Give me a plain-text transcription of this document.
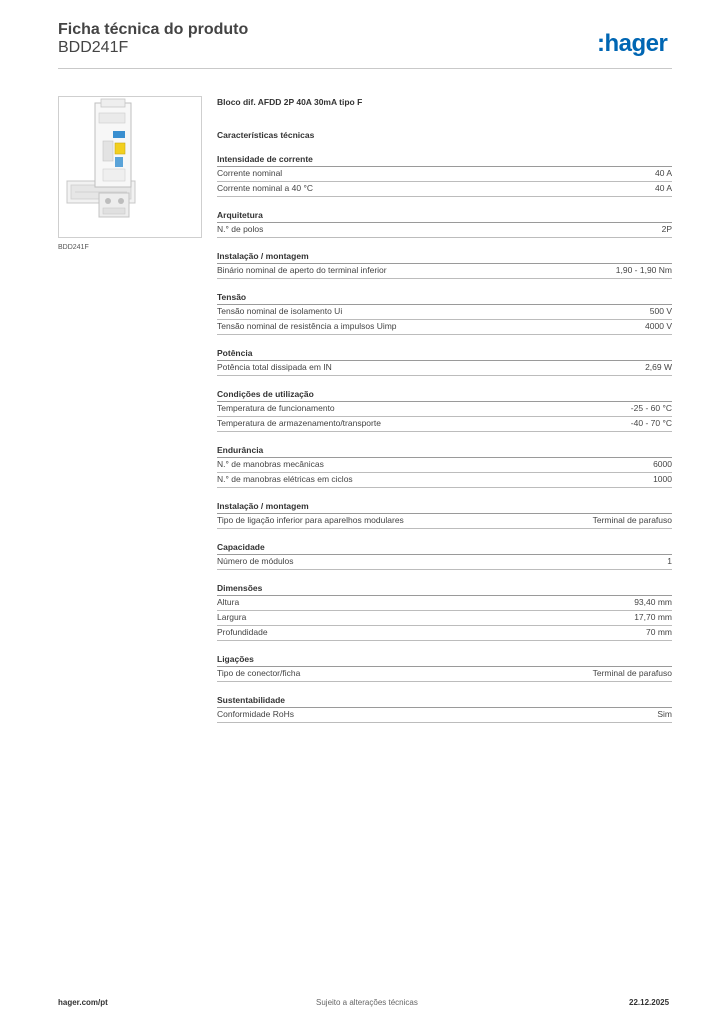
Ficha técnica do produto
BDD241F	:hager
BDD241F
Bloco dif. AFDD 2P 40A 30mA tipo F
Características técnicas
Intensidade de corrente
Corrente nominal	40 A
Corrente nominal a 40 °C	40 A
Arquitetura
N.° de polos	2P
Instalação / montagem
Binário nominal de aperto do terminal inferior	1,90 - 1,90 Nm
Tensão
Tensão nominal de isolamento Ui	500 V
Tensão nominal de resistência a impulsos Uimp	4000 V
Potência
Potência total dissipada em IN	2,69 W
Condições de utilização
Temperatura de funcionamento	-25 - 60 °C
Temperatura de armazenamento/transporte	-40 - 70 °C
Endurância
N.° de manobras mecânicas	6000
N.° de manobras elétricas em ciclos	1000
Instalação / montagem
Tipo de ligação inferior para aparelhos modulares	Terminal de parafuso
Capacidade
Número de módulos	1
Dimensões
Altura	93,40 mm
Largura	17,70 mm
Profundidade	70 mm
Ligações
Tipo de conector/ficha	Terminal de parafuso
Sustentabilidade
Conformidade RoHs	Sim
hager.com/pt	Sujeito a alterações técnicas	22.12.2025
